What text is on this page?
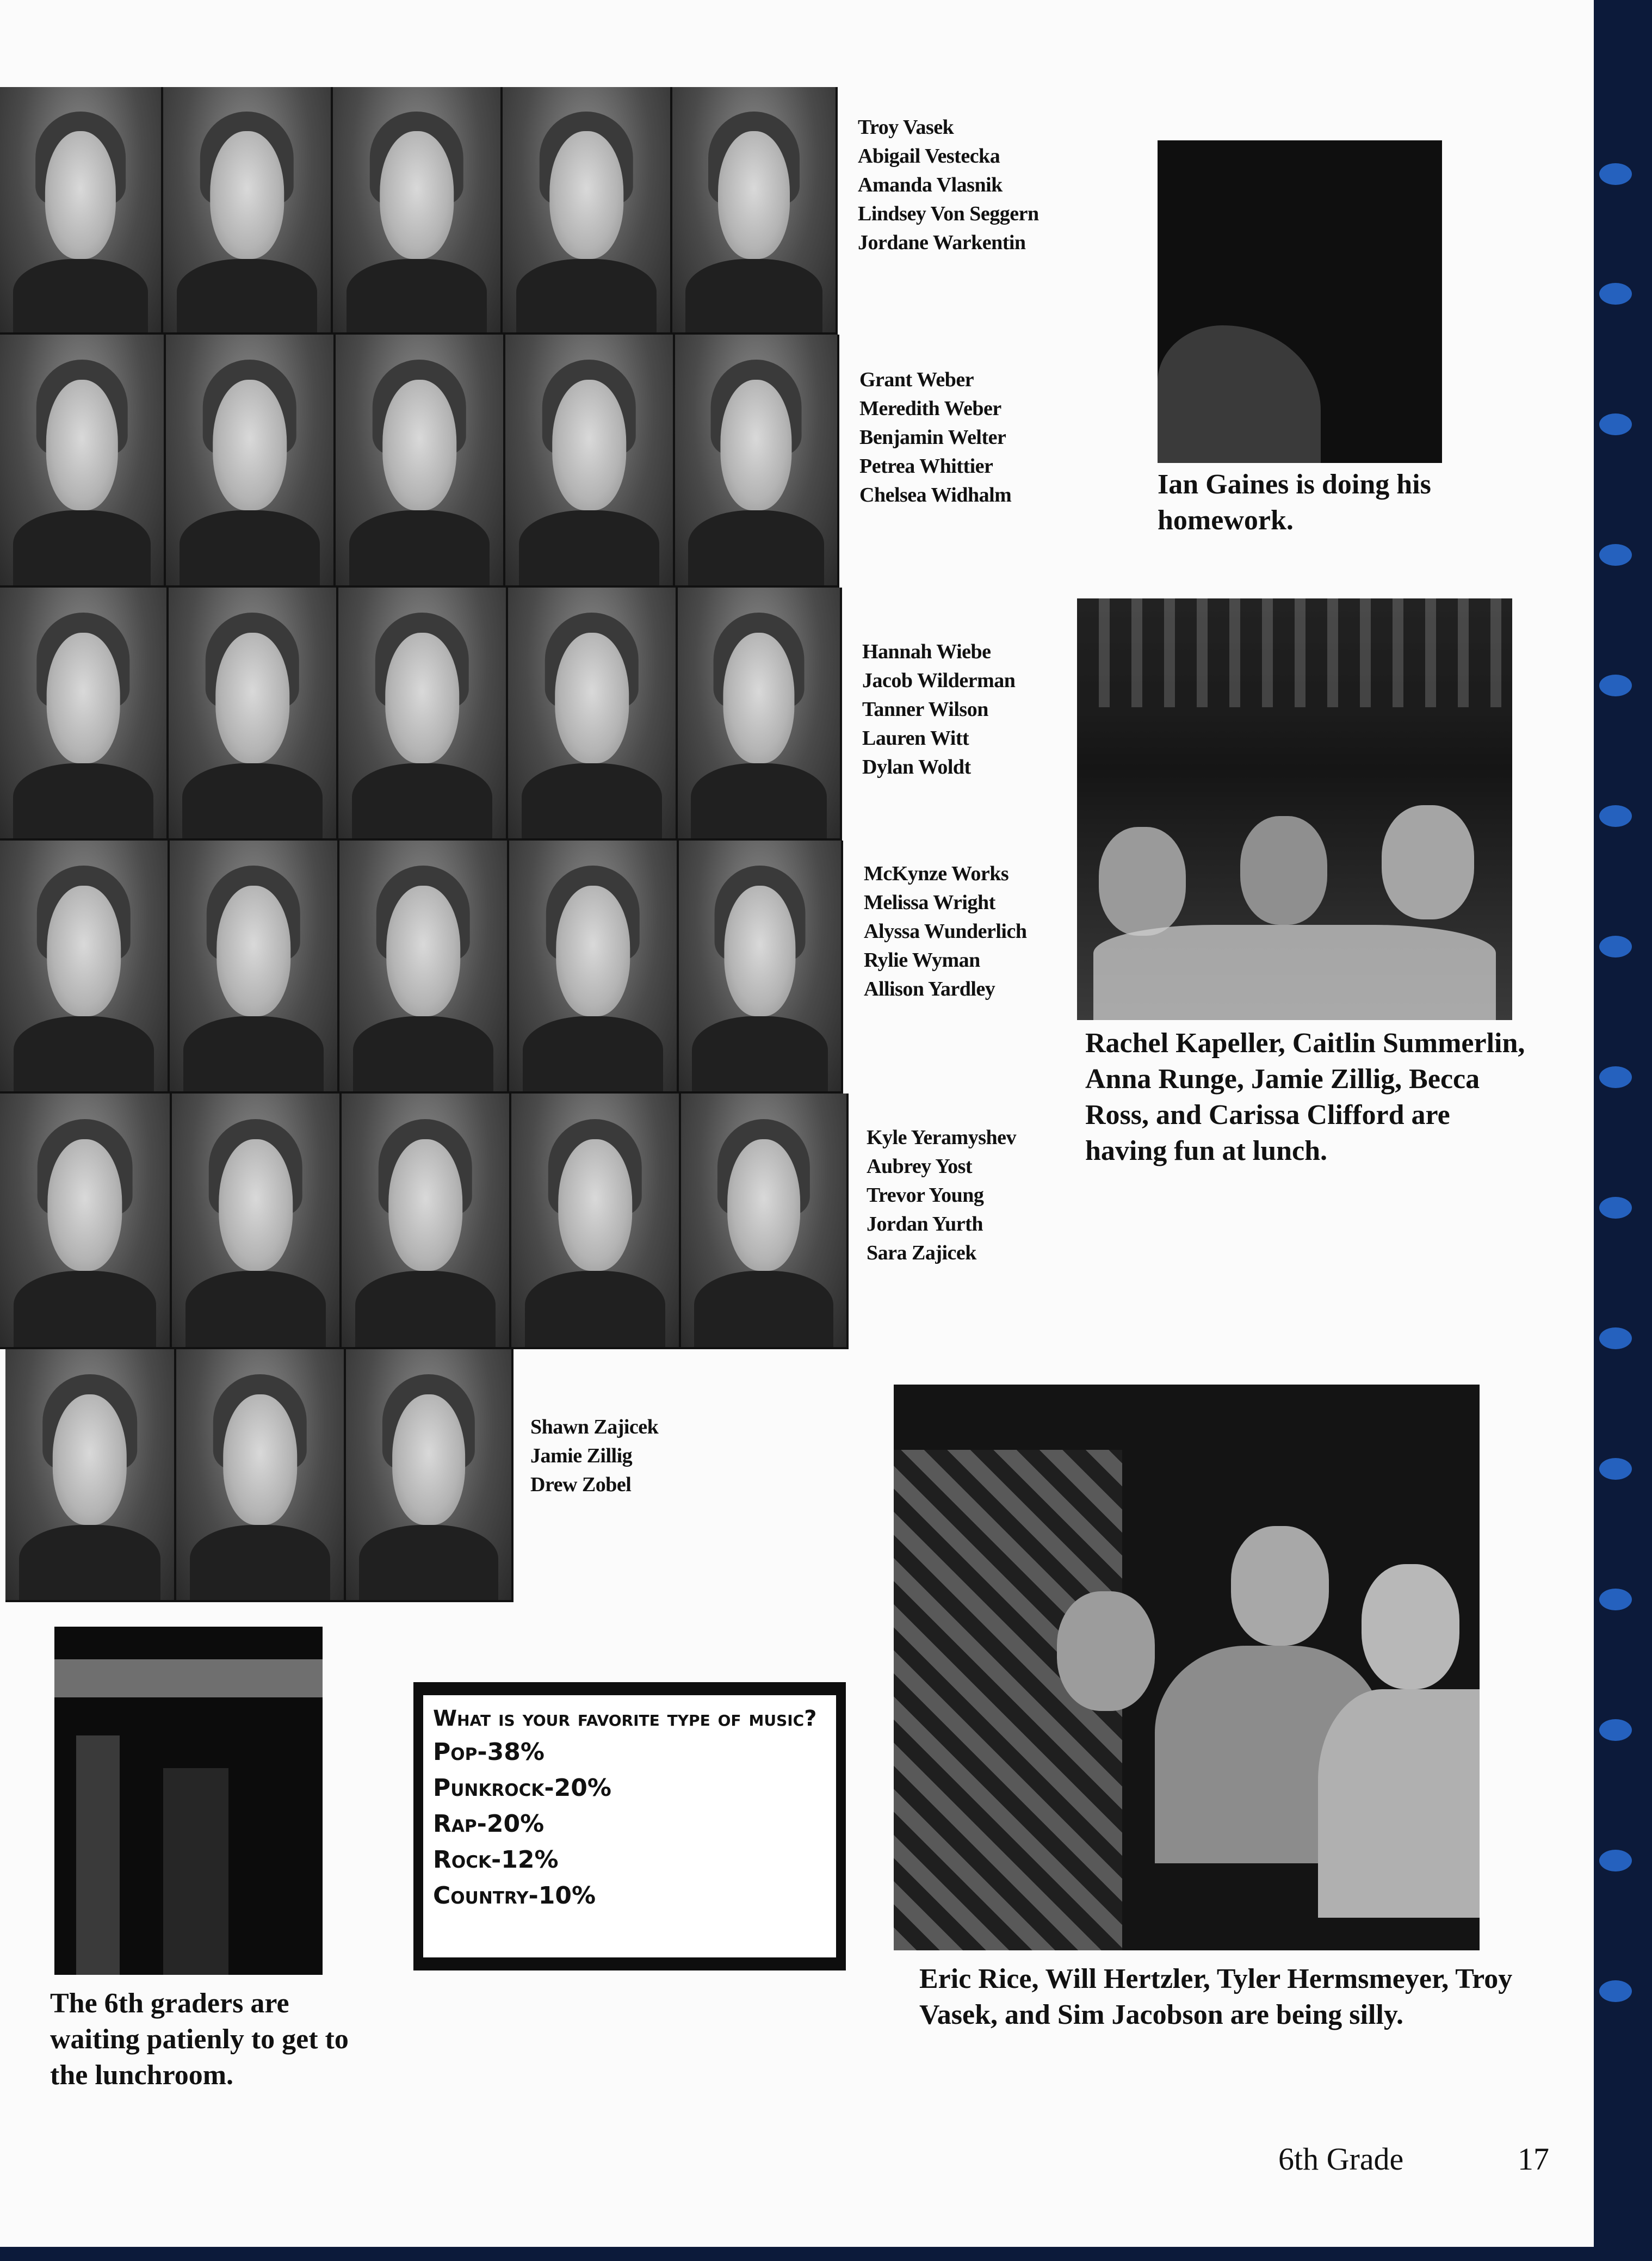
Troy Vasek
Abigail Vestecka
Amanda Vlasnik
Lindsey Von Seggern
Jordane Warkentin
Grant Weber
Meredith Weber
Benjamin Welter
Petrea Whittier
Chelsea Widhalm
Hannah Wiebe
Jacob Wilderman
Tanner Wilson
Lauren Witt
Dylan Woldt
McKynze Works
Melissa Wright
Alyssa Wunderlich
Rylie Wyman
Allison Yardley
Kyle Yeramyshev
Aubrey Yost
Trevor Young
Jordan Yurth
Sara Zajicek
Shawn Zajicek
Jamie Zillig
Drew Zobel
Ian Gaines is doing his homework.
Rachel Kapeller, Caitlin Summerlin, Anna Runge, Jamie Zillig, Becca Ross, and Carissa Clifford are having fun at lunch.
The 6th graders are waiting patienly to get to the lunchroom.
What is your favorite type of music?
Pop-38%
Punkrock-20%
Rap-20%
Rock-12%
Country-10%
Eric Rice, Will Hertzler, Tyler Hermsmeyer, Troy Vasek, and Sim Jacobson are being silly.
6th Grade	17
